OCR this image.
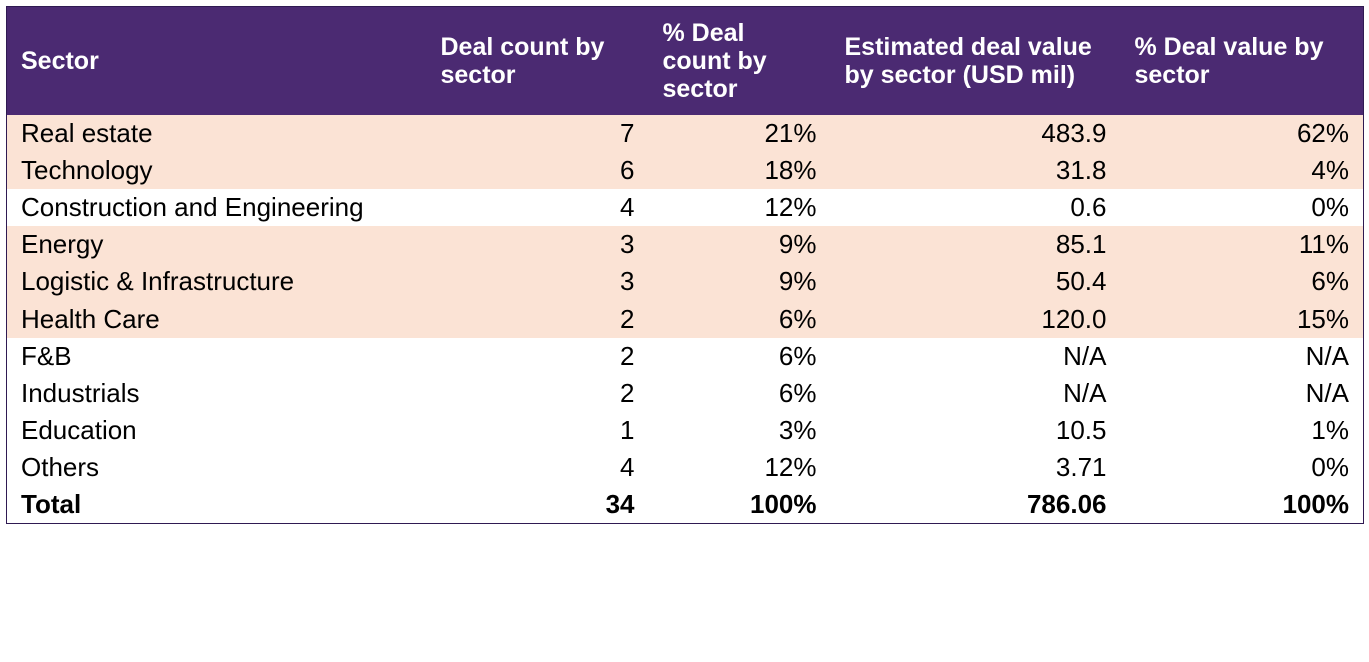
Sector	Deal count by sector	% Deal count by sector	Estimated deal value by sector (USD mil)	% Deal value by sector
Real estate	7	21%	483.9	62%
Technology	6	18%	31.8	4%
Construction and Engineering	4	12%	0.6	0%
Energy	3	9%	85.1	11%
Logistic & Infrastructure	3	9%	50.4	6%
Health Care	2	6%	120.0	15%
F&B	2	6%	N/A	N/A
Industrials	2	6%	N/A	N/A
Education	1	3%	10.5	1%
Others	4	12%	3.71	0%
Total	34	100%	786.06	100%
